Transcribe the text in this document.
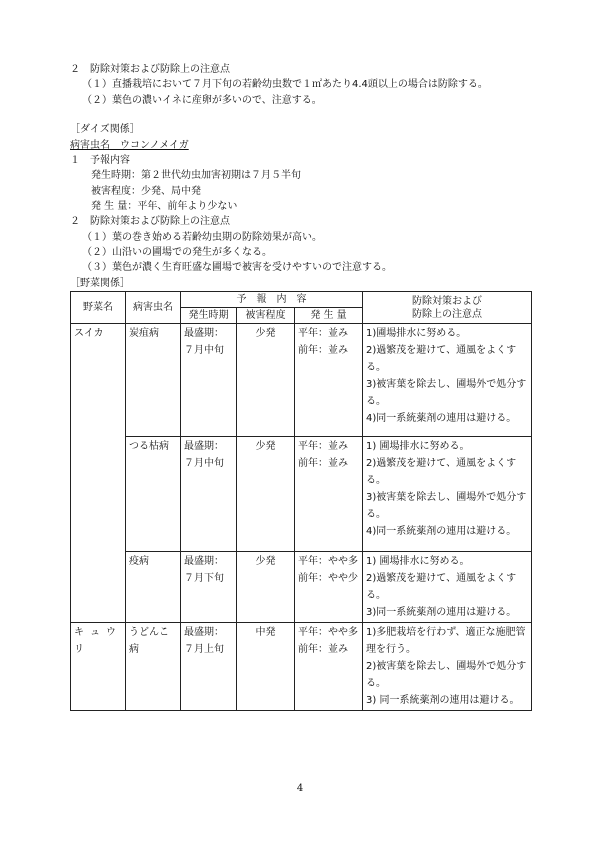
２　防除対策および防除上の注意点
（１）直播栽培において７月下旬の若齢幼虫数で１㎡あたり4.4頭以上の場合は防除する。
（２）葉色の濃いイネに産卵が多いので、注意する。
［ダイズ関係］
病害虫名　ウコンノメイガ
１　予報内容
発生時期：第２世代幼虫加害初期は７月５半旬
被害程度：少発、局中発
発 生 量：平年、前年より少ない
２　防除対策および防除上の注意点
（１）葉の巻き始める若齢幼虫期の防除効果が高い。
（２）山沿いの圃場での発生が多くなる。
（３）葉色が濃く生育旺盛な圃場で被害を受けやすいので注意する。
［野菜関係］
野菜名	病害虫名	予　報　内　容			防除対策および
防除上の注意点

		発生時期	被害程度	発 生 量	
スイカ	炭疽病	最盛期：
７月中旬	少発	平年：並み
前年：並み	1)圃場排水に努める。
2)過繁茂を避けて、通風をよくする。
3)被害葉を除去し、圃場外で処分する。
4)同一系統薬剤の連用は避ける。

	つる枯病	最盛期：
７月中旬	少発	平年：並み
前年：並み	1) 圃場排水に努める。
2)過繁茂を避けて、通風をよくする。
3)被害葉を除去し、圃場外で処分する。
4)同一系統薬剤の連用は避ける。

	疫病	最盛期：
７月下旬	少発	平年：やや多
前年：やや少	1) 圃場排水に努める。
2)過繁茂を避けて、通風をよくする。
3)同一系統薬剤の連用は避ける。

キュウリ	うどんこ病	最盛期：
７月上旬	中発	平年：やや多
前年：並み	1)多肥栽培を行わず、適正な施肥管理を行う。
2)被害葉を除去し、圃場外で処分する。
3) 同一系統薬剤の連用は避ける。
4
